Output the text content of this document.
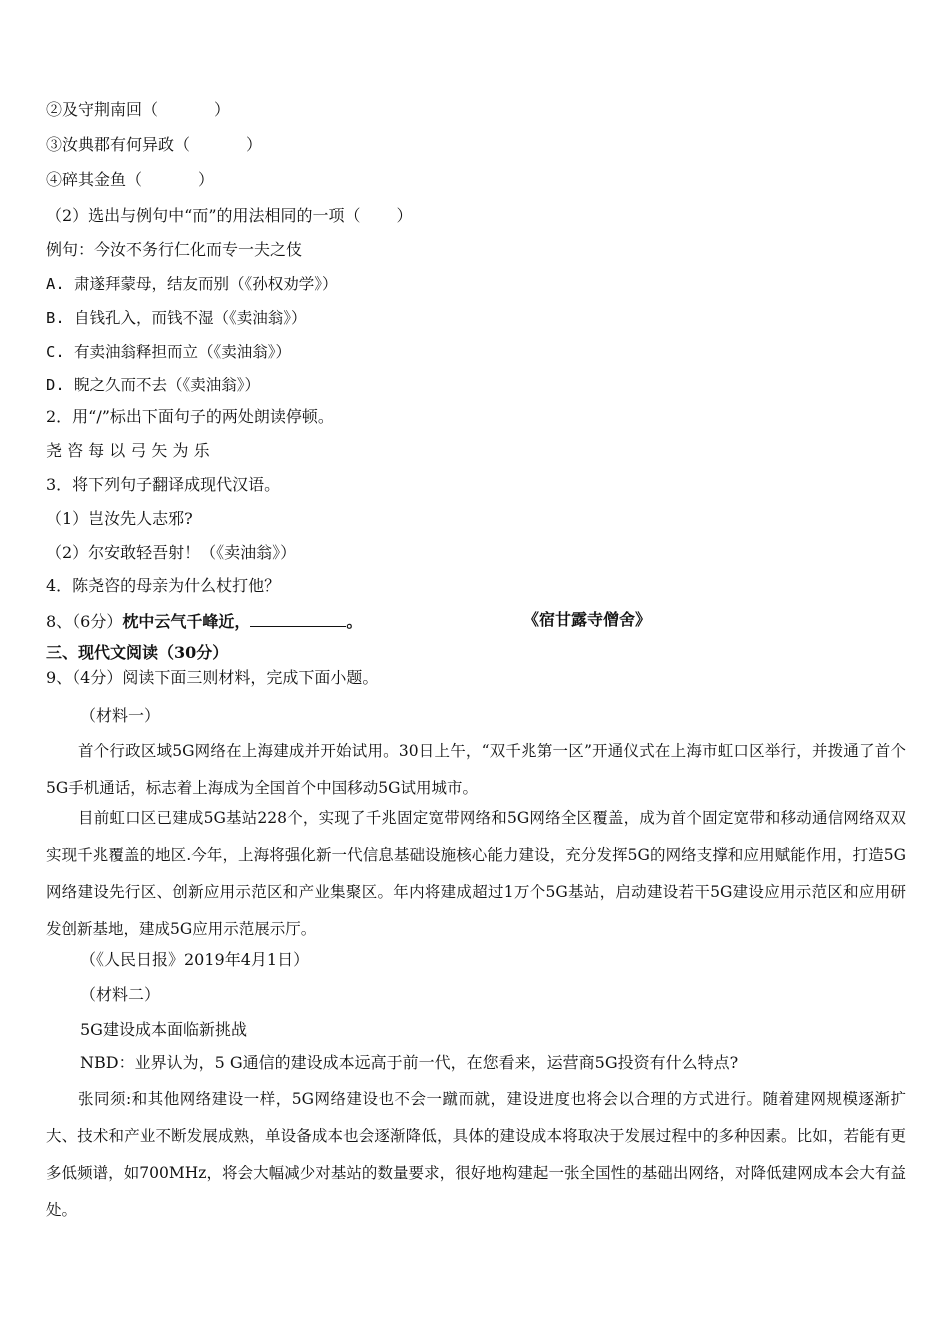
②及守荆南回（	）
③汝典郡有何异政（	）
④碎其金鱼（	）
（2）选出与例句中“而”的用法相同的一项（ ）
例句：今汝不务行仁化而专一夫之伎
A. 肃遂拜蒙母，结友而别（《孙权劝学》）
B. 自钱孔入，而钱不湿（《卖油翁》）
C. 有卖油翁释担而立（《卖油翁》）
D. 睨之久而不去（《卖油翁》）
2．用“/”标出下面句子的两处朗读停顿。
尧 咨 每 以 弓 矢 为 乐
3．将下列句子翻译成现代汉语。
（1）岂汝先人志邪?
（2）尔安敢轻吾射！（《卖油翁》）
4．陈尧咨的母亲为什么杖打他？
8、（6分）枕中云气千峰近，	。	《宿甘露寺僧舍》
三、现代文阅读（30分）
9、（4分）阅读下面三则材料，完成下面小题。
（材料一）
首个行政区域5G网络在上海建成并开始试用。30日上午，“双千兆第一区”开通仪式在上海市虹口区举行，并拨通了首个5G手机通话，标志着上海成为全国首个中国移动5G试用城市。
目前虹口区已建成5G基站228个，实现了千兆固定宽带网络和5G网络全区覆盖，成为首个固定宽带和移动通信网络双双实现千兆覆盖的地区.今年，上海将强化新一代信息基础设施核心能力建设，充分发挥5G的网络支撑和应用赋能作用，打造5G网络建设先行区、创新应用示范区和产业集聚区。年内将建成超过1万个5G基站，启动建设若干5G建设应用示范区和应用研发创新基地，建成5G应用示范展示厅。
（《人民日报》2019年4月1日）
（材料二）
5G建设成本面临新挑战
NBD：业界认为，5 G通信的建设成本远高于前一代，在您看来，运营商5G投资有什么特点?
张同须:和其他网络建设一样，5G网络建设也不会一蹴而就，建设进度也将会以合理的方式进行。随着建网规模逐渐扩大、技术和产业不断发展成熟，单设备成本也会逐渐降低，具体的建设成本将取决于发展过程中的多种因素。比如，若能有更多低频谱，如700MHz，将会大幅减少对基站的数量要求，很好地构建起一张全国性的基础出网络，对降低建网成本会大有益处。
